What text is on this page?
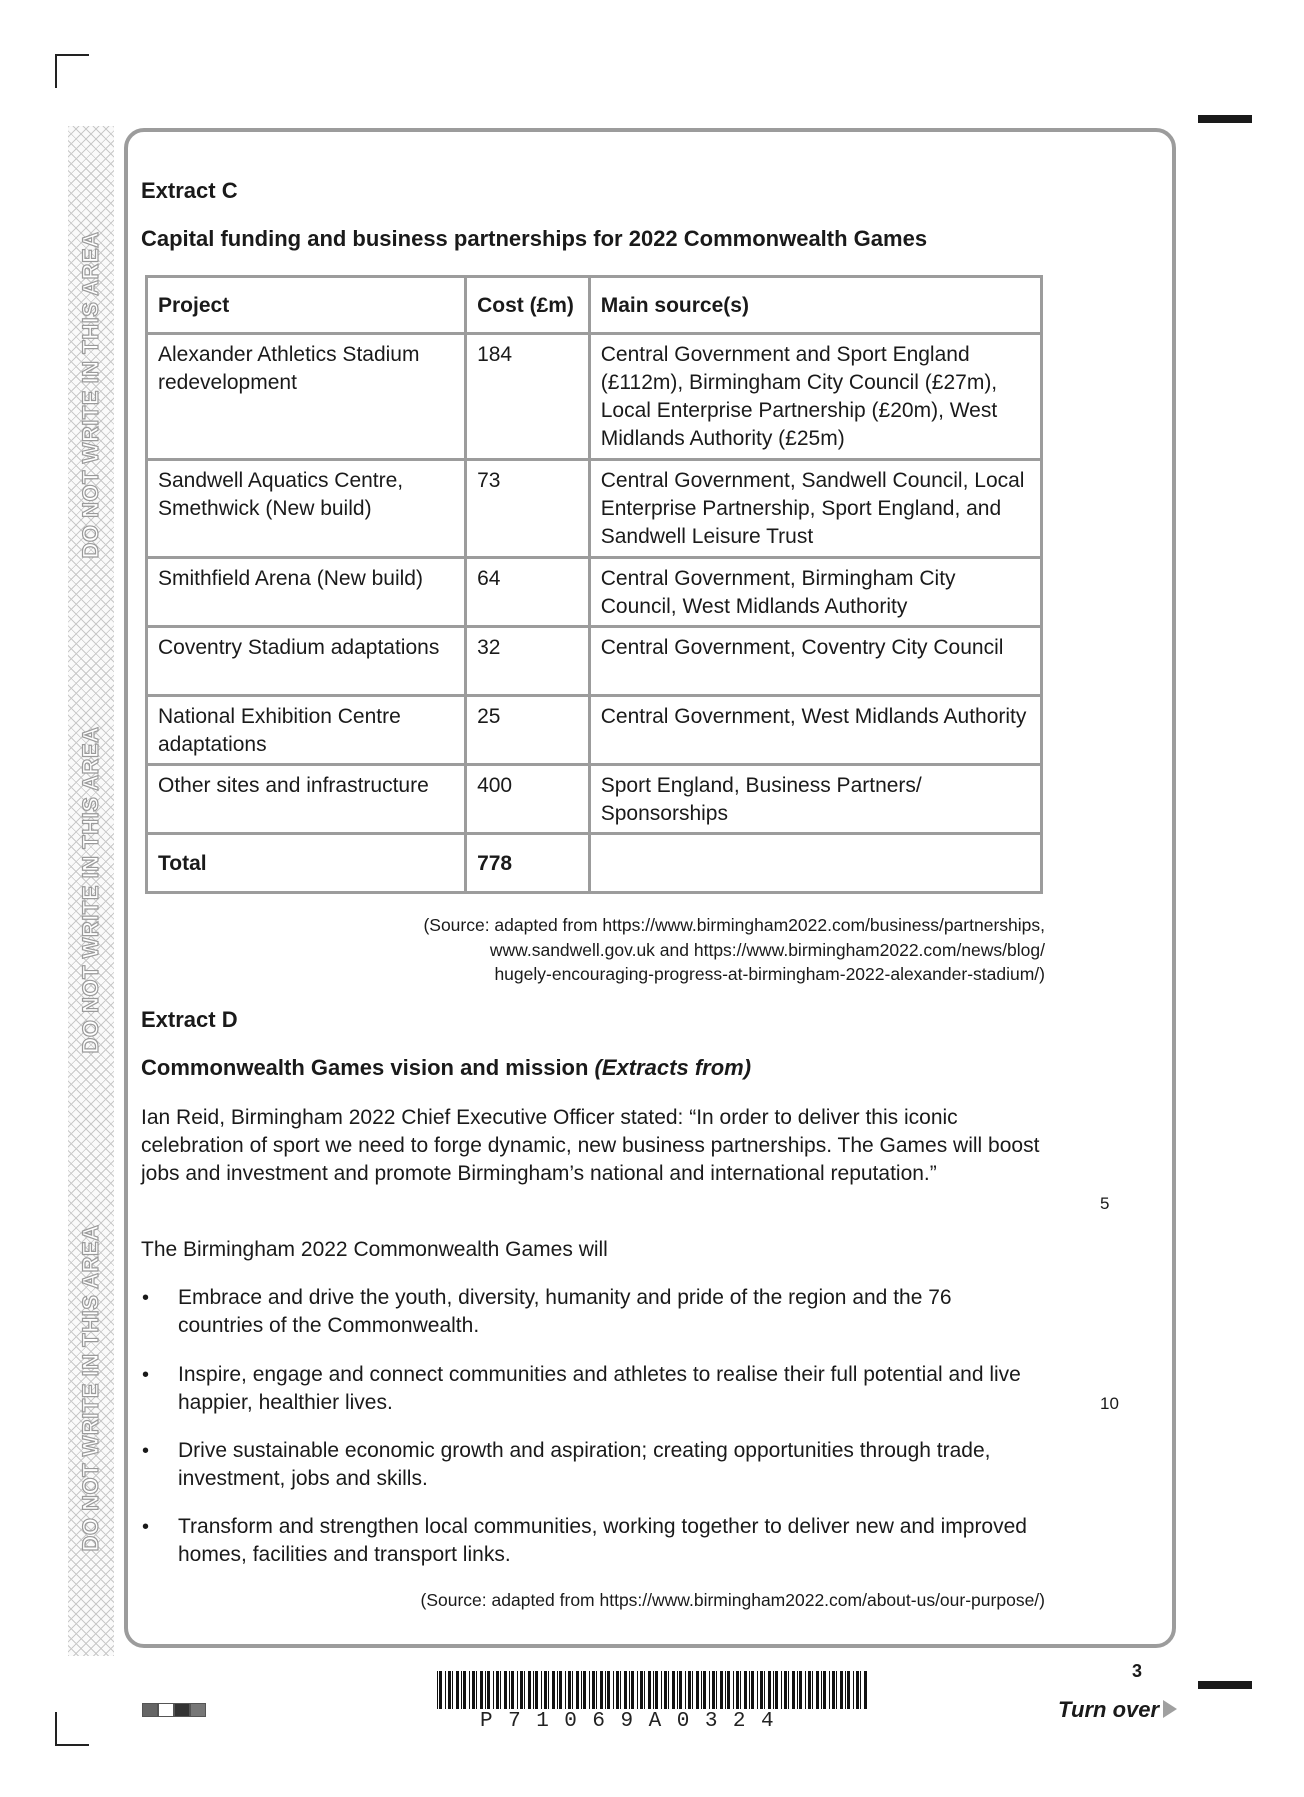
DO NOT WRITE IN THIS AREA
DO NOT WRITE IN THIS AREA
DO NOT WRITE IN THIS AREA
Extract C
Capital funding and business partnerships for 2022 Commonwealth Games
Project	Cost (£m)	Main source(s)
Alexander Athletics Stadium redevelopment	184	Central Government and Sport England (£112m), Birmingham City Council (£27m), Local Enterprise Partnership (£20m), West Midlands Authority (£25m)
Sandwell Aquatics Centre, Smethwick (New build)	73	Central Government, Sandwell Council, Local Enterprise Partnership, Sport England, and Sandwell Leisure Trust
Smithfield Arena (New build)	64	Central Government, Birmingham City Council, West Midlands Authority
Coventry Stadium adaptations	32	Central Government, Coventry City Council
National Exhibition Centre adaptations	25	Central Government, West Midlands Authority
Other sites and infrastructure	400	Sport England, Business Partners/ Sponsorships
Total	778	
(Source: adapted from https://www.birmingham2022.com/business/partnerships,
www.sandwell.gov.uk and https://www.birmingham2022.com/news/blog/
hugely-encouraging-progress-at-birmingham-2022-alexander-stadium/)
Extract D
Commonwealth Games vision and mission (Extracts from)
Ian Reid, Birmingham 2022 Chief Executive Officer stated: “In order to deliver this iconic celebration of sport we need to forge dynamic, new business partnerships. The Games will boost jobs and investment and promote Birmingham’s national and international reputation.”
5
The Birmingham 2022 Commonwealth Games will
• Embrace and drive the youth, diversity, humanity and pride of the region and the 76 countries of the Commonwealth.
• Inspire, engage and connect communities and athletes to realise their full potential and live happier, healthier lives.	10
• Drive sustainable economic growth and aspiration; creating opportunities through trade, investment, jobs and skills.
• Transform and strengthen local communities, working together to deliver new and improved homes, facilities and transport links.
(Source: adapted from https://www.birmingham2022.com/about-us/our-purpose/)
P71069A0324
3
Turn over
